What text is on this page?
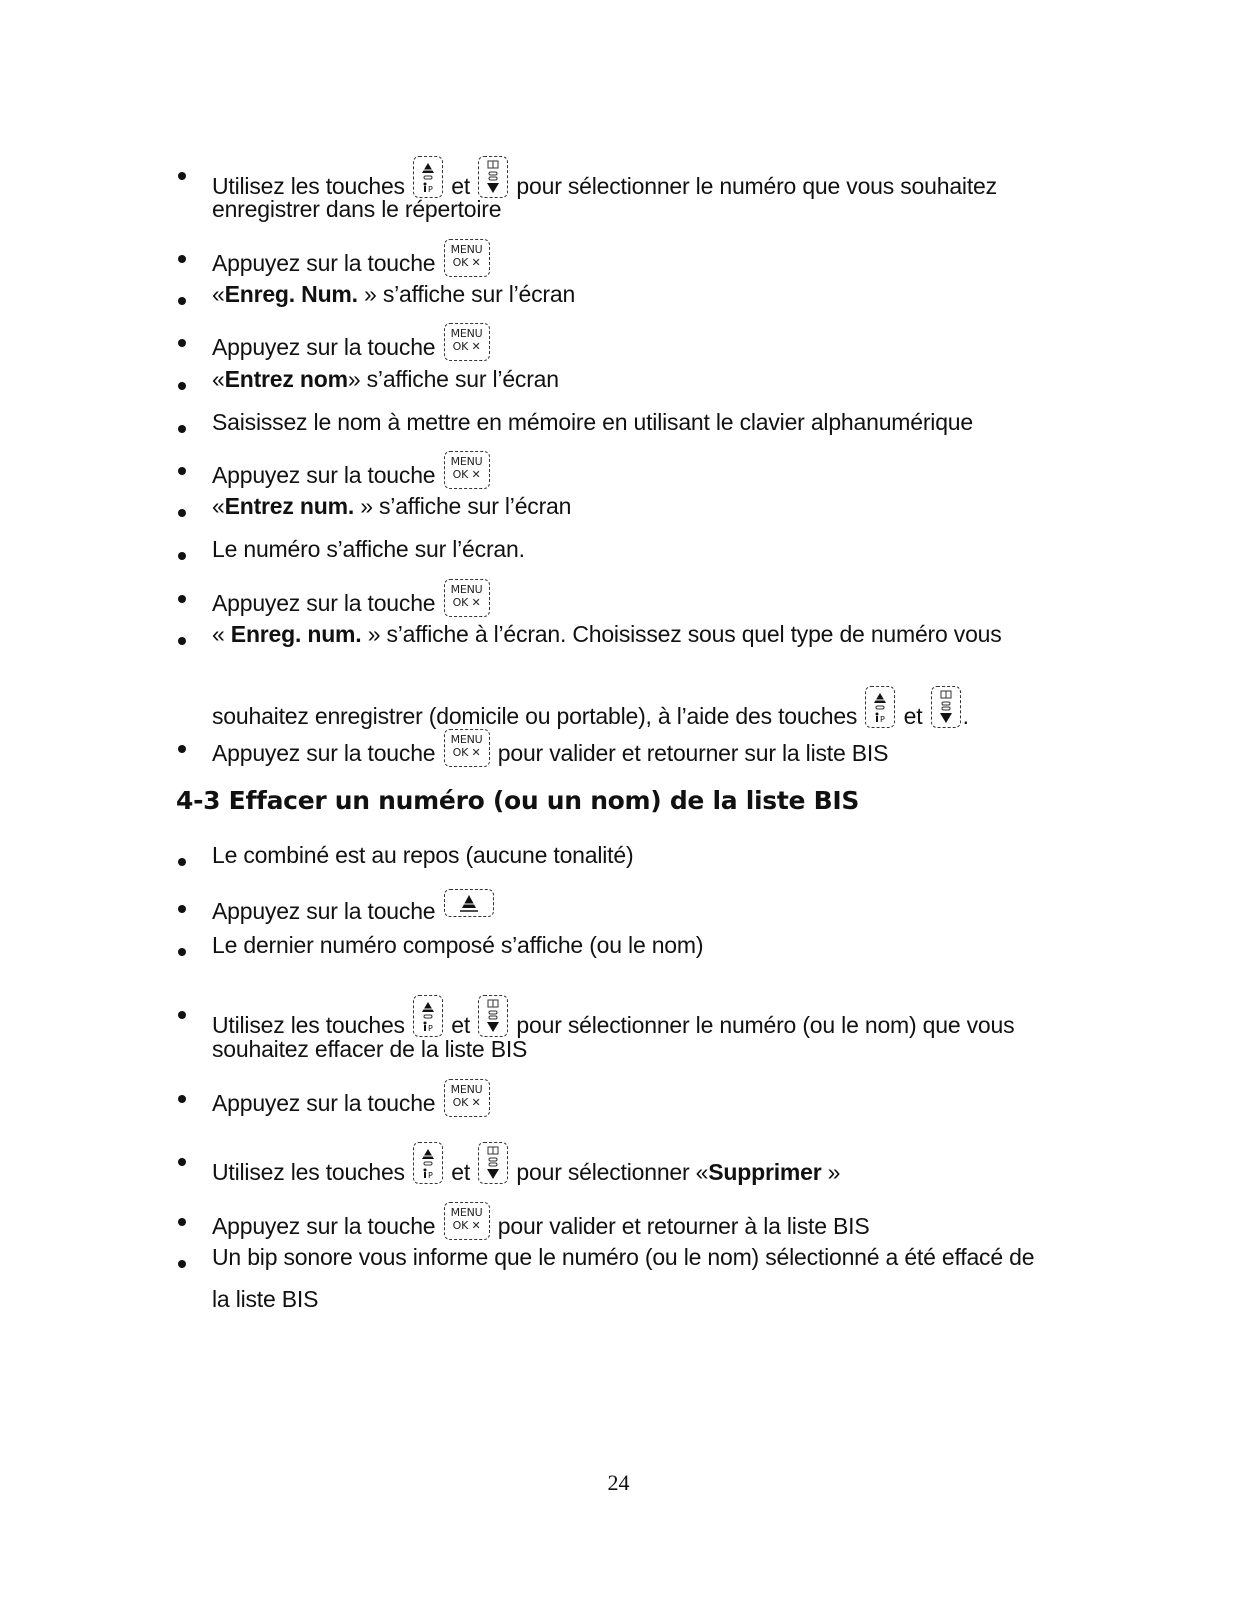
Utilisez les touches P et
pour sélectionner le numéro que vous souhaitez
enregistrer dans le répertoire
Appuyez sur la touche
MENU
OK ✕
«Enreg. Num. » s’affiche sur l’écran
Appuyez sur la touche
MENU
OK ✕
«Entrez nom» s’affiche sur l’écran
Saisissez le nom à mettre en mémoire en utilisant le clavier alphanumérique
Appuyez sur la touche
MENU
OK ✕
«Entrez num. » s’affiche sur l’écran
Le numéro s’affiche sur l’écran.
Appuyez sur la touche
MENU
OK ✕
« Enreg. num. » s’affiche à l’écran. Choisissez sous quel type de numéro vous
souhaitez enregistrer (domicile ou portable), à l’aide des touches P et
.
Appuyez sur la touche
MENU
OK ✕ pour valider et retourner sur la liste BIS
4-3 Effacer un numéro (ou un nom) de la liste BIS
Le combiné est au repos (aucune tonalité)
Appuyez sur la touche
Le dernier numéro composé s’affiche (ou le nom)
Utilisez les touches P et
pour sélectionner le numéro (ou le nom) que vous
souhaitez effacer de la liste BIS
Appuyez sur la touche
MENU
OK ✕
Utilisez les touches P et
pour sélectionner «Supprimer »
Appuyez sur la touche
MENU
OK ✕ pour valider et retourner à la liste BIS
Un bip sonore vous informe que le numéro (ou le nom) sélectionné a été effacé de
la liste BIS
24
